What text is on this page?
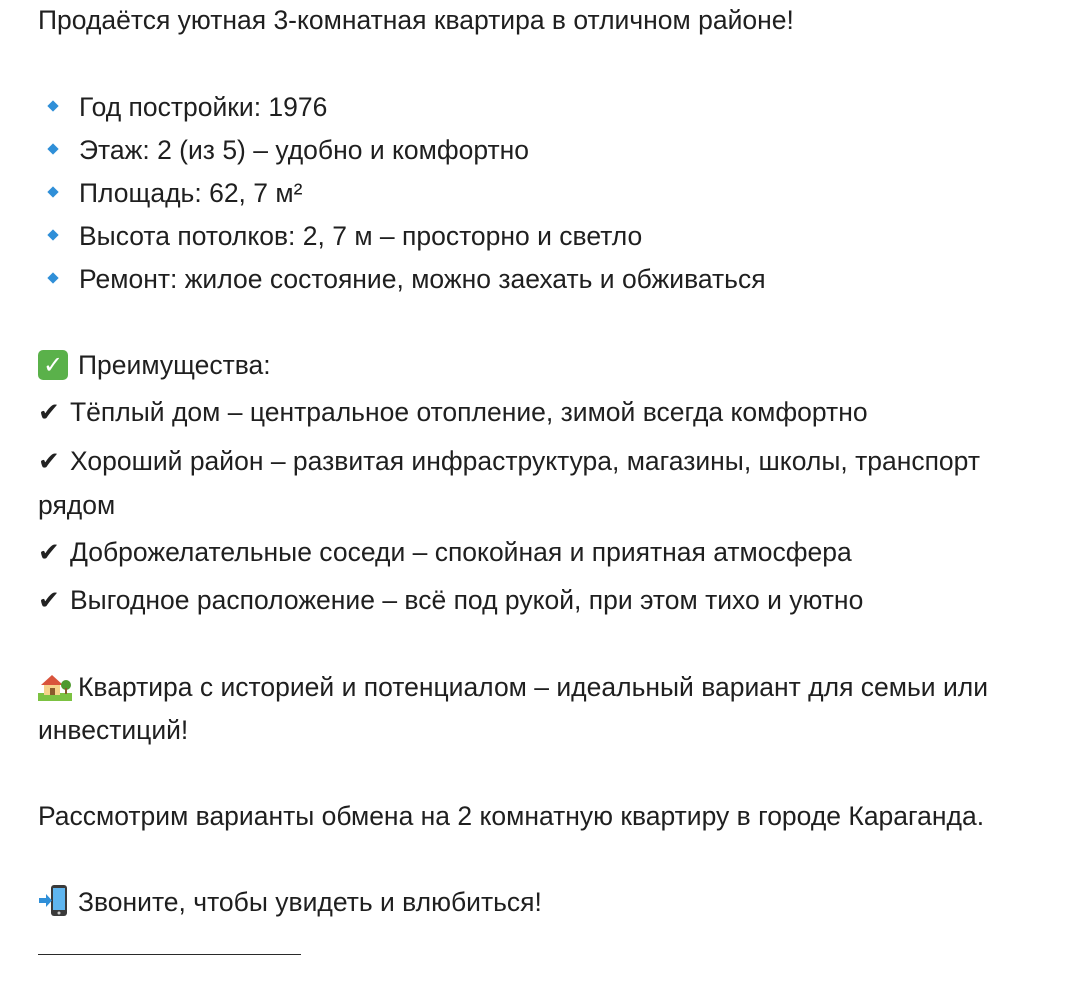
Продаётся уютная 3-комнатная квартира в отличном районе!
Год постройки: 1976
Этаж: 2 (из 5) – удобно и комфортно
Площадь: 62, 7 м²
Высота потолков: 2, 7 м – просторно и светло
Ремонт: жилое состояние, можно заехать и обживаться
✓ Преимущества:
✔ Тёплый дом – центральное отопление, зимой всегда комфортно
✔ Хороший район – развитая инфраструктура, магазины, школы, транспорт
рядом
✔ Доброжелательные соседи – спокойная и приятная атмосфера
✔ Выгодное расположение – всё под рукой, при этом тихо и уютно
Квартира с историей и потенциалом – идеальный вариант для семьи или
инвестиций!
Рассмотрим варианты обмена на 2 комнатную квартиру в городе Караганда.
Звоните, чтобы увидеть и влюбиться!
